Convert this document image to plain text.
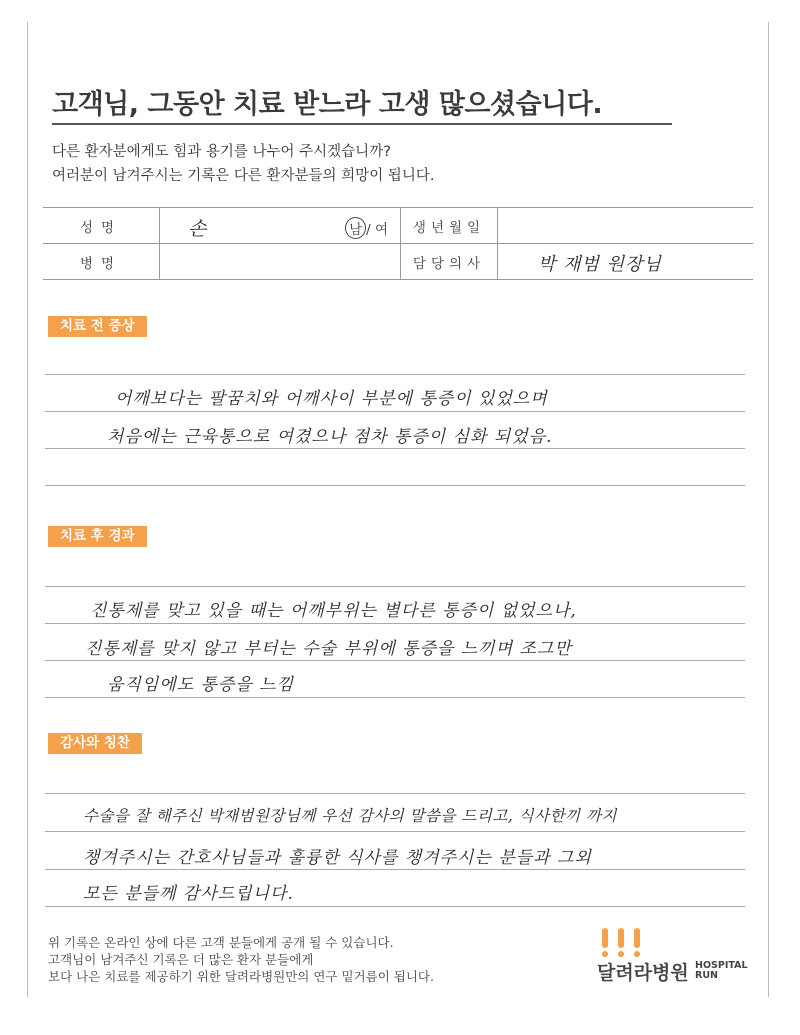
고객님, 그동안 치료 받느라 고생 많으셨습니다.

다른 환자분에게도 힘과 용기를 나누어 주시겠습니까?

여러분이 남겨주시는 기록은 다른 환자분들의 희망이 됩니다.

성명	손 남 / 여	생년월일	
병명		담당의사	박 재범 원장님
치료 전 증상
어깨보다는 팔꿈치와 어깨사이 부분에 통증이 있었으며
처음에는 근육통으로 여겼으나 점차 통증이 심화 되었음.
치료 후 경과
진통제를 맞고 있을 때는 어깨부위는 별다른 통증이 없었으나,
진통제를 맞지 않고 부터는 수술 부위에 통증을 느끼며 조그만
움직임에도 통증을 느낌
감사와 칭찬
수술을 잘 해주신 박재범원장님께 우선 감사의 말씀을 드리고, 식사한끼 까지
챙겨주시는 간호사님들과 훌륭한 식사를 챙겨주시는 분들과 그외
모든 분들께 감사드립니다.

위 기록은 온라인 상에 다른 고객 분들에게 공개 될 수 있습니다.

고객님이 남겨주신 기록은 더 많은 환자 분들에게

보다 나은 치료를 제공하기 위한 달려라병원만의 연구 밑거름이 됩니다.	달려라병원 HOSPITAL
RUN
